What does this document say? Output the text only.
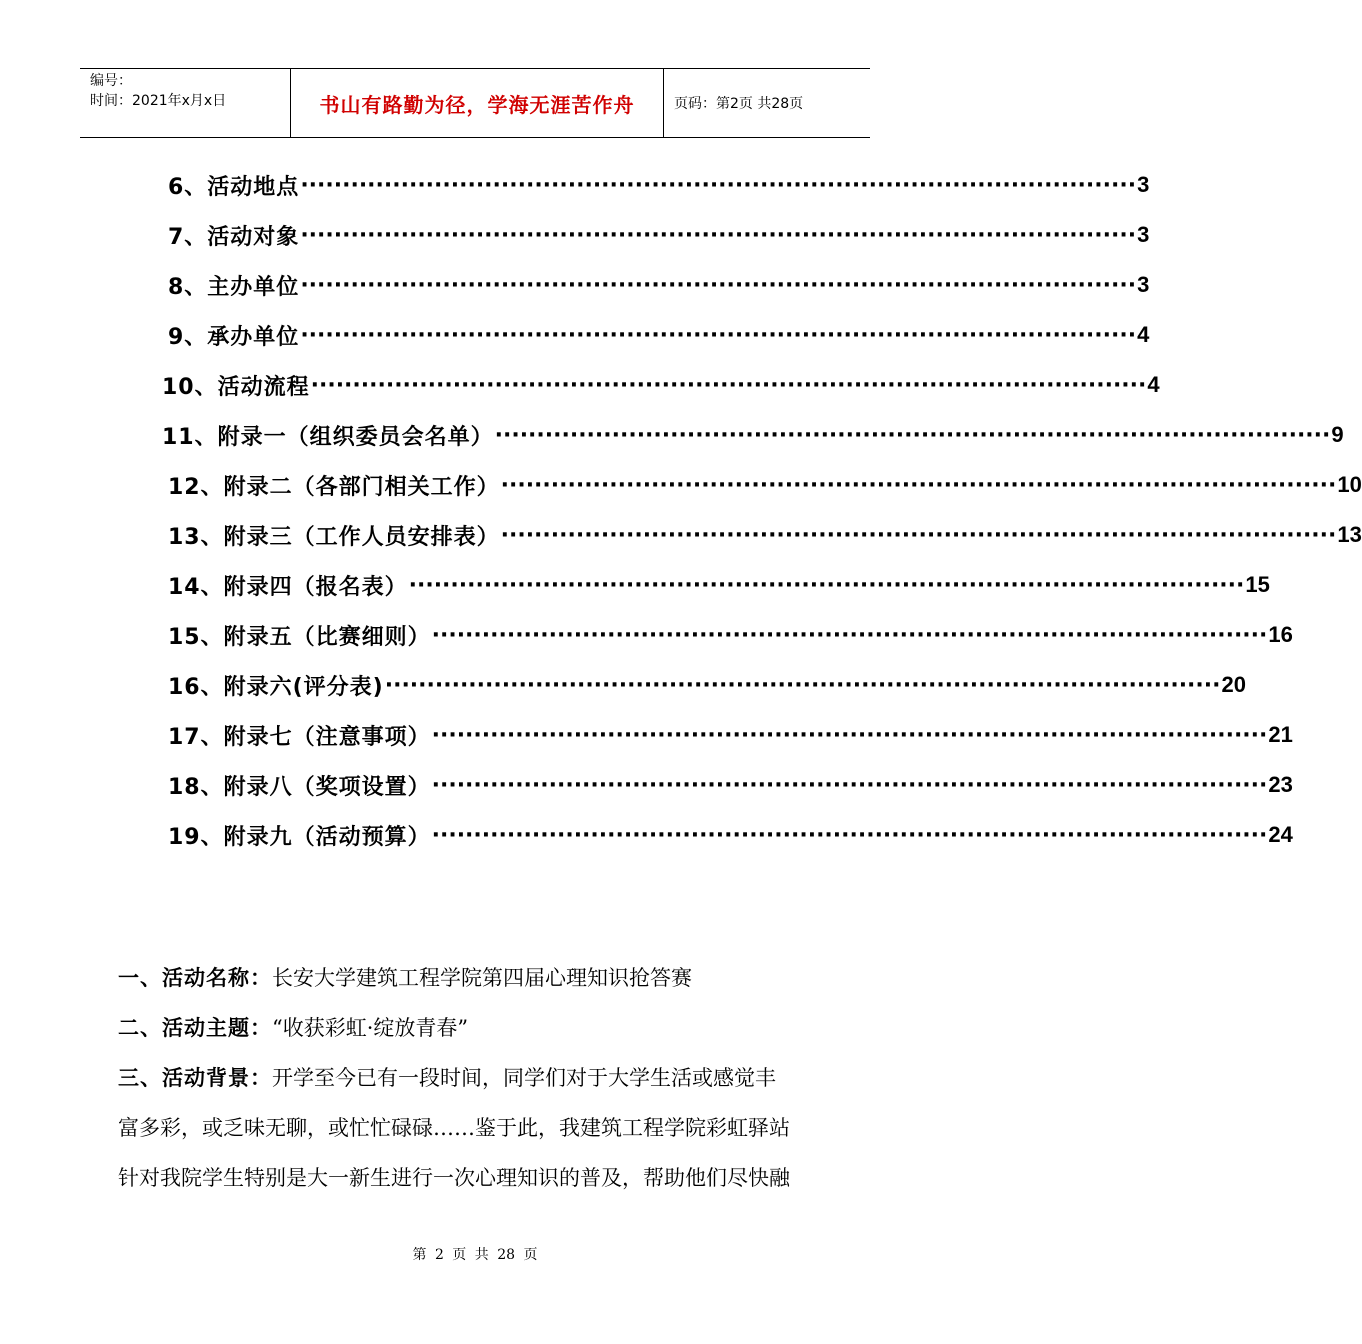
编号：
时间：2021年x月x日	书山有路勤为径，学海无涯苦作舟	页码：第2页 共28页
6、活动地点 ···································································································· 3
7、活动对象 ···································································································· 3
8、主办单位 ···································································································· 3
9、承办单位 ···································································································· 4
10、活动流程 ···································································································· 4
11、附录一（组织委员会名单） ···································································································· 9
12、附录二（各部门相关工作） ···································································································· 10
13、附录三（工作人员安排表） ···································································································· 13
14、附录四（报名表） ···································································································· 15
15、附录五（比赛细则） ···································································································· 16
16、附录六(评分表) ···································································································· 20
17、附录七（注意事项） ···································································································· 21
18、附录八（奖项设置） ···································································································· 23
19、附录九（活动预算） ···································································································· 24
一、活动名称：长安大学建筑工程学院第四届心理知识抢答赛
二、活动主题：“收获彩虹·绽放青春”
三、活动背景：开学至今已有一段时间，同学们对于大学生活或感觉丰
富多彩，或乏味无聊，或忙忙碌碌……鉴于此，我建筑工程学院彩虹驿站
针对我院学生特别是大一新生进行一次心理知识的普及，帮助他们尽快融
第 2 页 共 28 页
